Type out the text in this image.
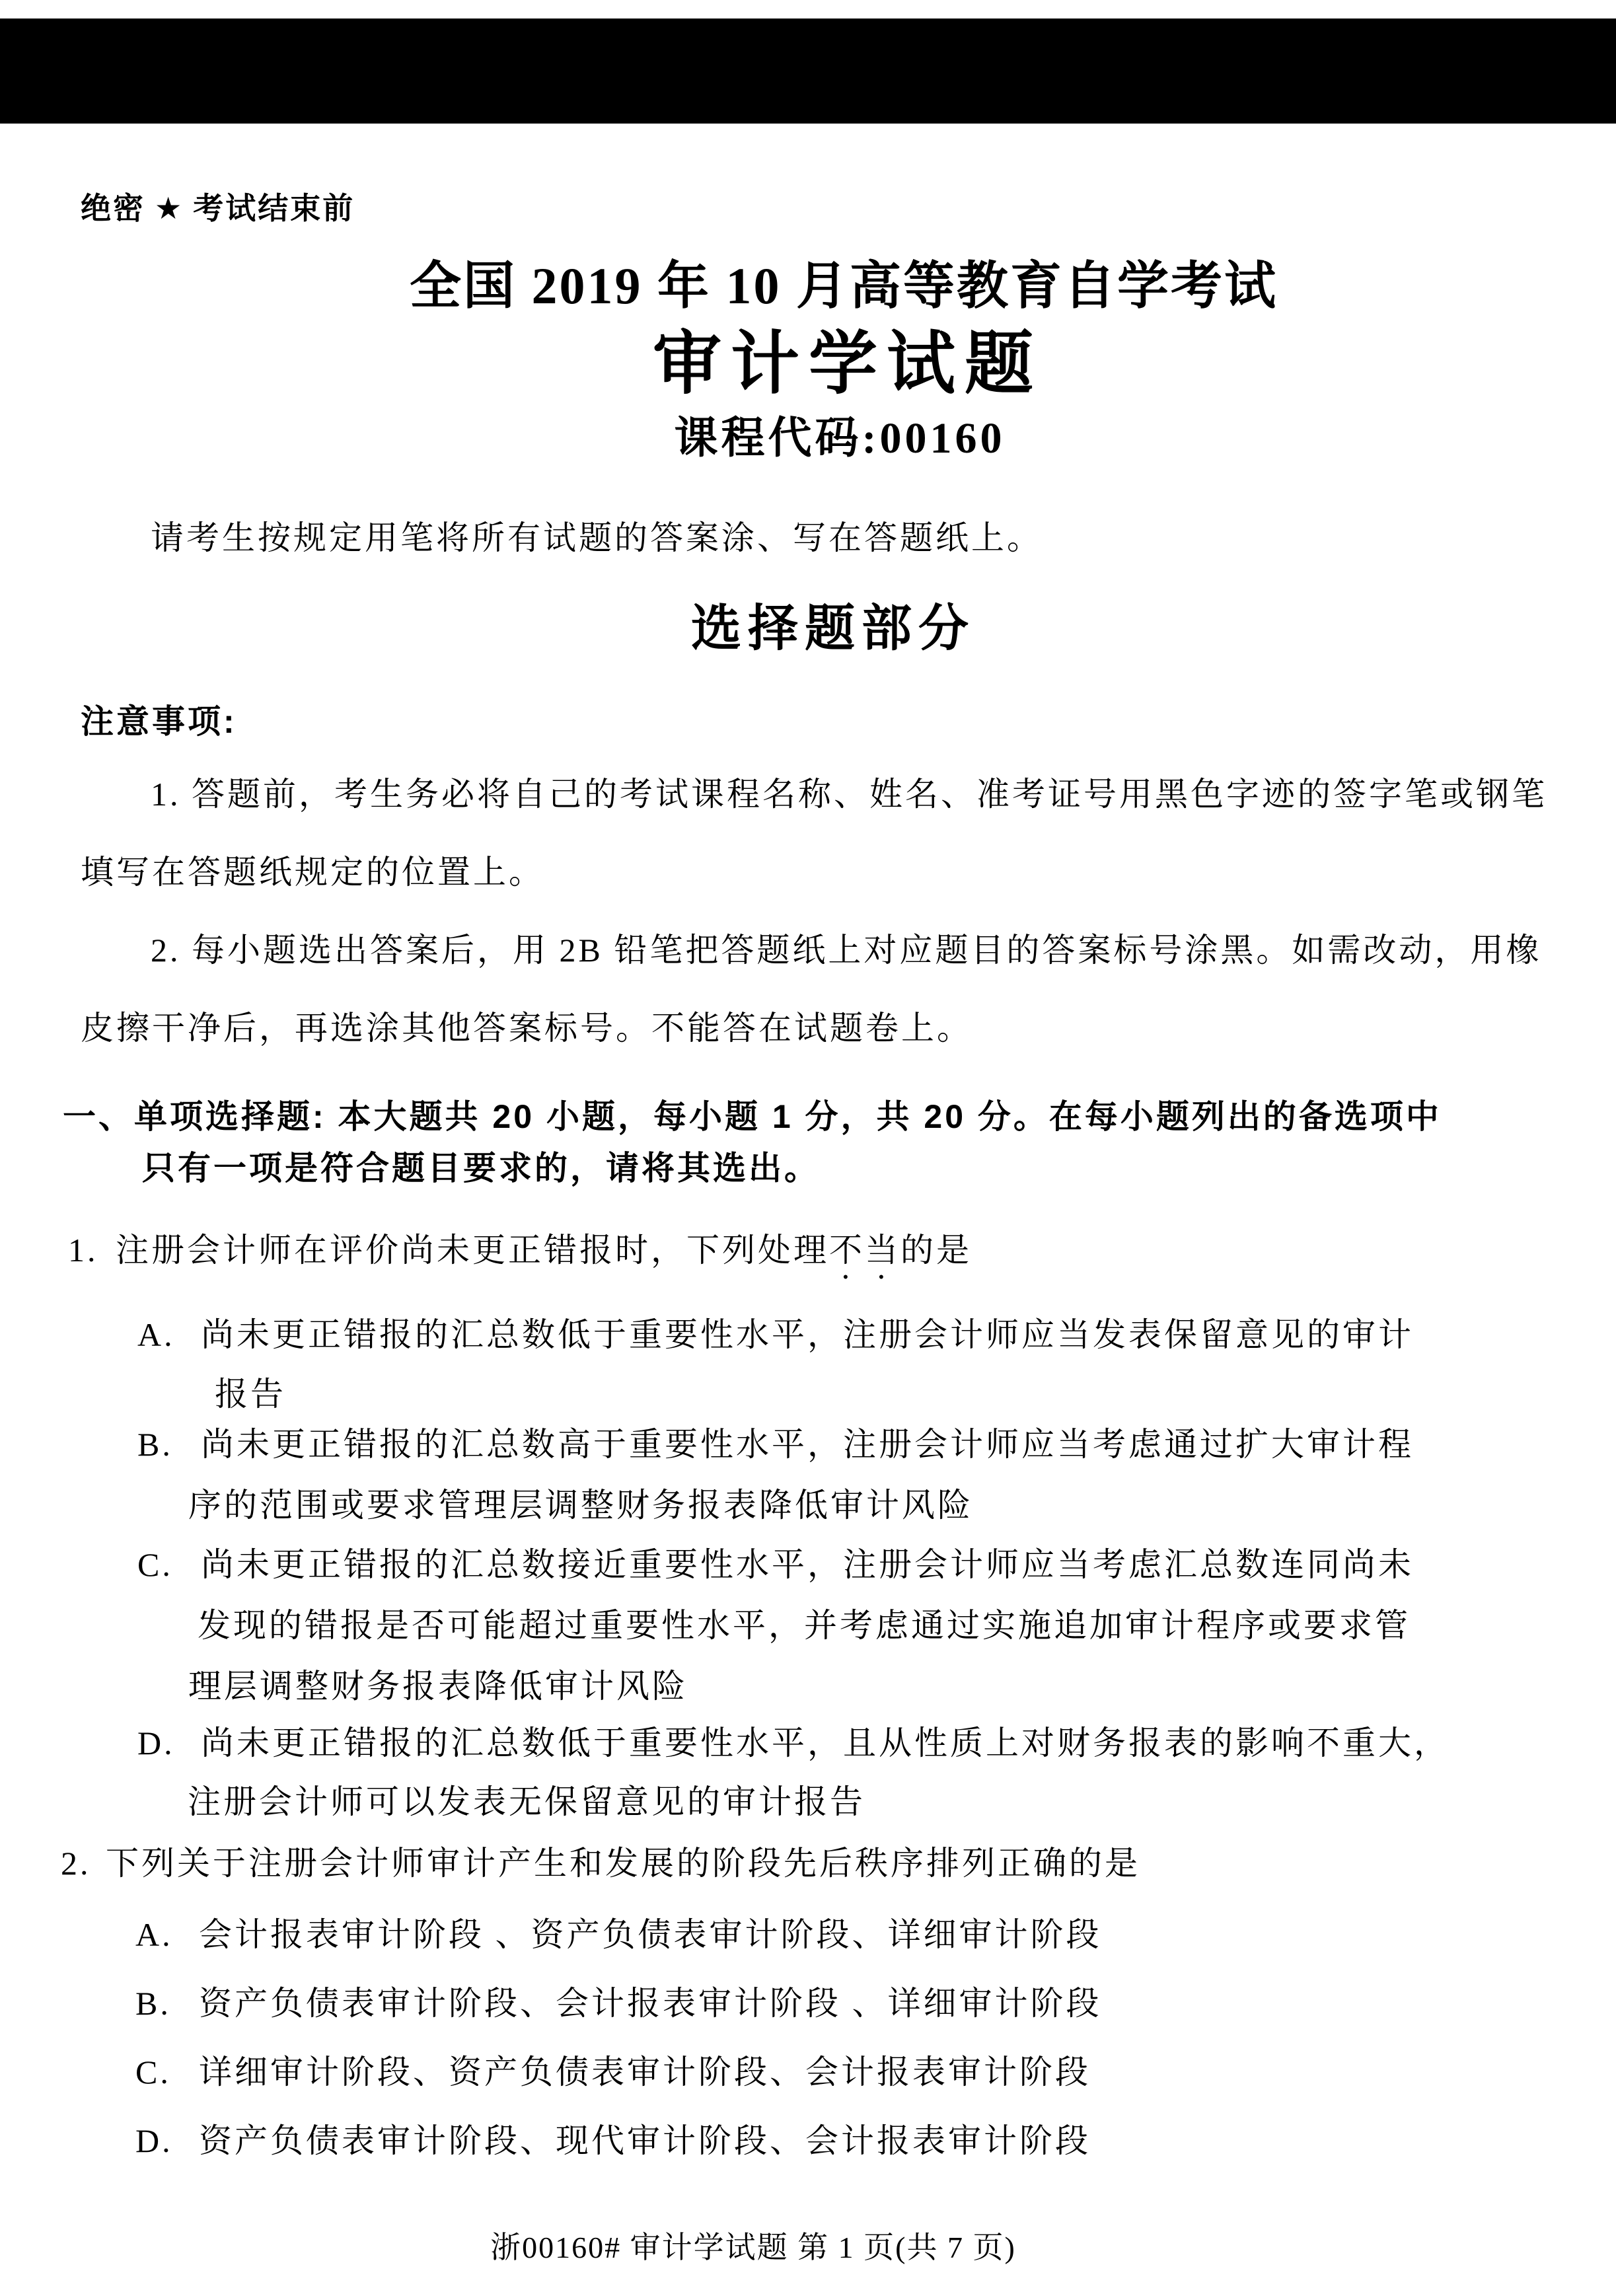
绝密 ★ 考试结束前
全国 2019 年 10 月高等教育自学考试
审计学试题
课程代码:00160
请考生按规定用笔将所有试题的答案涂、写在答题纸上。
选择题部分
注意事项:
1. 答题前，考生务必将自己的考试课程名称、姓名、准考证号用黑色字迹的签字笔或钢笔
填写在答题纸规定的位置上。
2. 每小题选出答案后，用 2B 铅笔把答题纸上对应题目的答案标号涂黑。如需改动，用橡
皮擦干净后，再选涂其他答案标号。不能答在试题卷上。
一、单项选择题: 本大题共 20 小题，每小题 1 分，共 20 分。在每小题列出的备选项中
只有一项是符合题目要求的，请将其选出。
1. 注册会计师在评价尚未更正错报时，下列处理不当的是
A. 尚未更正错报的汇总数低于重要性水平，注册会计师应当发表保留意见的审计
报告
B. 尚未更正错报的汇总数高于重要性水平，注册会计师应当考虑通过扩大审计程
序的范围或要求管理层调整财务报表降低审计风险
C. 尚未更正错报的汇总数接近重要性水平，注册会计师应当考虑汇总数连同尚未
发现的错报是否可能超过重要性水平，并考虑通过实施追加审计程序或要求管
理层调整财务报表降低审计风险
D. 尚未更正错报的汇总数低于重要性水平，且从性质上对财务报表的影响不重大，
注册会计师可以发表无保留意见的审计报告
2. 下列关于注册会计师审计产生和发展的阶段先后秩序排列正确的是
A. 会计报表审计阶段 、资产负债表审计阶段、详细审计阶段
B. 资产负债表审计阶段、会计报表审计阶段 、详细审计阶段
C. 详细审计阶段、资产负债表审计阶段、会计报表审计阶段
D. 资产负债表审计阶段、现代审计阶段、会计报表审计阶段
浙00160# 审计学试题 第 1 页(共 7 页)
